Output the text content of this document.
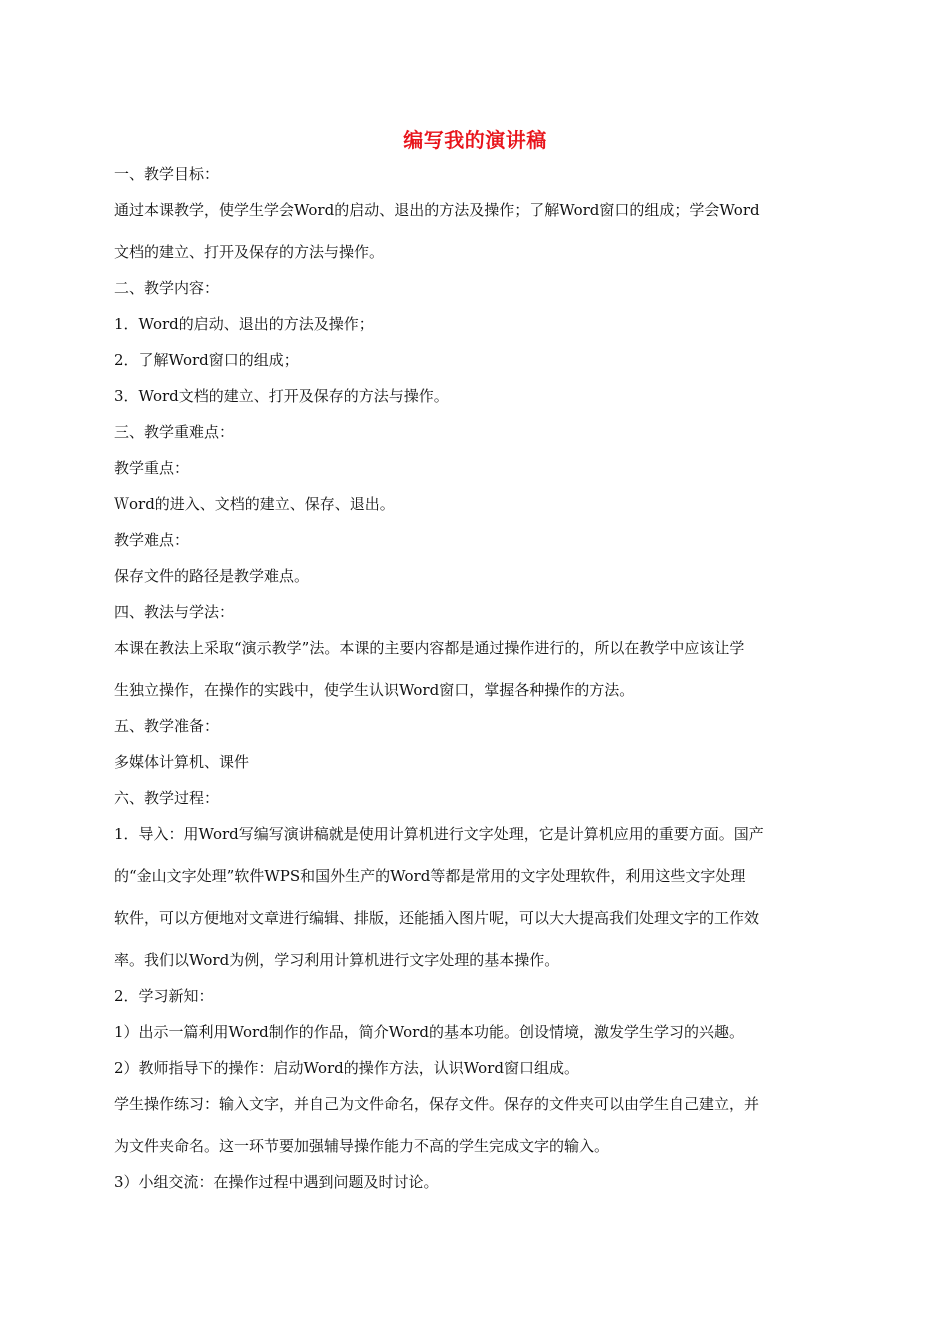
编写我的演讲稿
一、教学目标：
通过本课教学，使学生学会Word的启动、退出的方法及操作；了解Word窗口的组成；学会Word
文档的建立、打开及保存的方法与操作。
二、教学内容：
1．Word的启动、退出的方法及操作；
2．了解Word窗口的组成；
3．Word文档的建立、打开及保存的方法与操作。
三、教学重难点：
教学重点：
Ｗord的进入、文档的建立、保存、退出。
教学难点：
保存文件的路径是教学难点。
四、教法与学法：
本课在教法上采取“演示教学”法。本课的主要内容都是通过操作进行的，所以在教学中应该让学
生独立操作，在操作的实践中，使学生认识Word窗口，掌握各种操作的方法。
五、教学准备：
多媒体计算机、课件
六、教学过程：
1．导入：用Word写编写演讲稿就是使用计算机进行文字处理，它是计算机应用的重要方面。国产
的“金山文字处理”软件WPS和国外生产的Word等都是常用的文字处理软件，利用这些文字处理
软件，可以方便地对文章进行编辑、排版，还能插入图片呢，可以大大提高我们处理文字的工作效
率。我们以Word为例，学习利用计算机进行文字处理的基本操作。
2．学习新知：
1）出示一篇利用Word制作的作品，简介Word的基本功能。创设情境，激发学生学习的兴趣。
2）教师指导下的操作：启动Word的操作方法，认识Word窗口组成。
学生操作练习：输入文字，并自己为文件命名，保存文件。保存的文件夹可以由学生自己建立，并
为文件夹命名。这一环节要加强辅导操作能力不高的学生完成文字的输入。
3）小组交流：在操作过程中遇到问题及时讨论。
